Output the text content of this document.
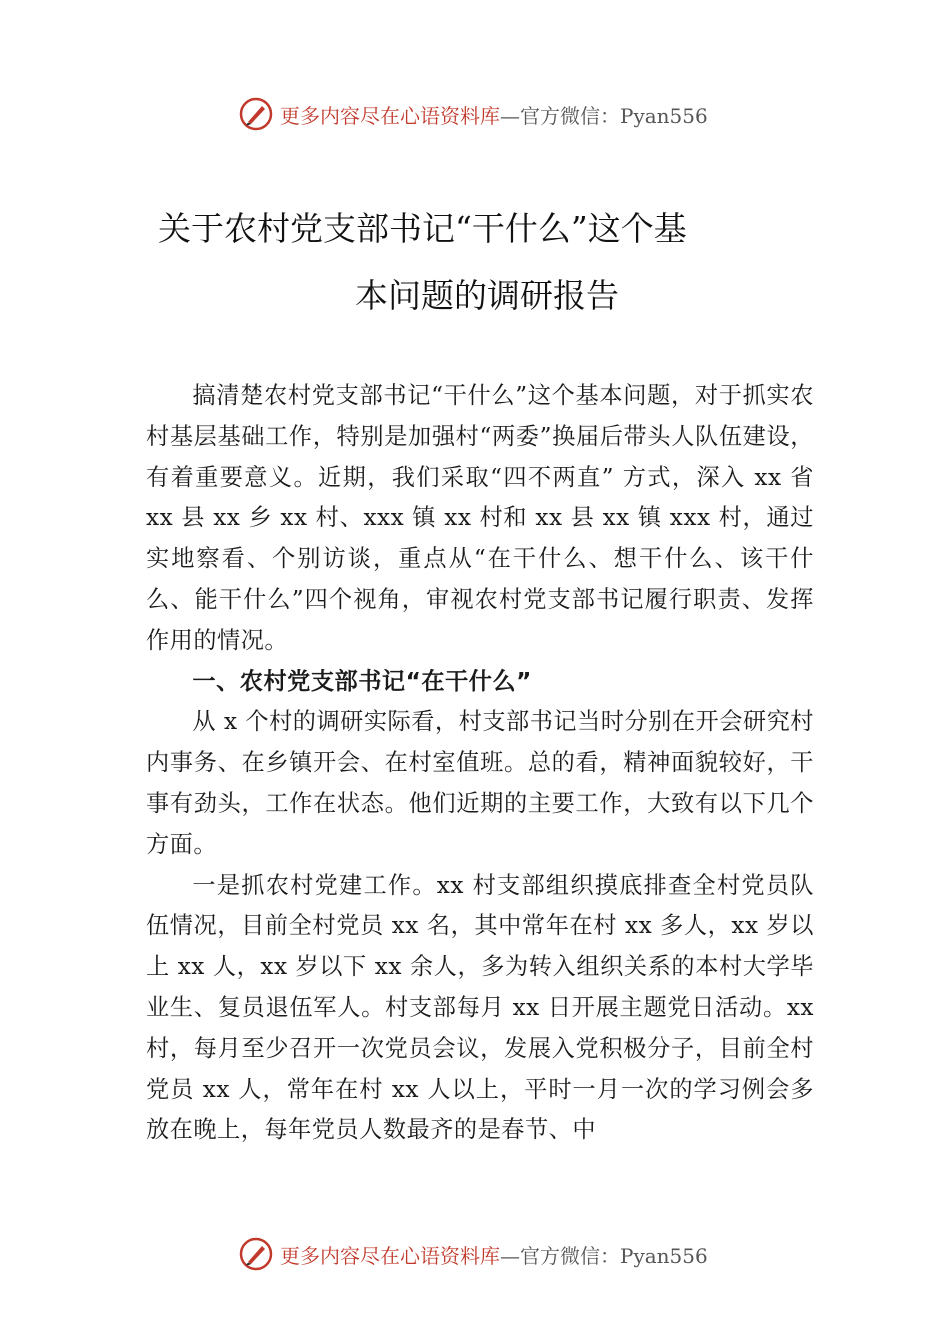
更多内容尽在心语资料库—官方微信：Pyan556
关于农村党支部书记“干什么”这个基
本问题的调研报告

搞清楚农村党支部书记“干什么”这个基本问题，对于抓实农村基层基础工作，特别是加强村“两委”换届后带头人队伍建设，有着重要意义。近期，我们采取“四不两直” 方式，深入 xx 省 xx 县 xx 乡 xx 村、xxx 镇 xx 村和 xx 县 xx 镇 xxx 村，通过实地察看、个别访谈，重点从“在干什么、想干什么、该干什么、能干什么”四个视角，审视农村党支部书记履行职责、发挥作用的情况。

一、农村党支部书记“在干什么”

从 x 个村的调研实际看，村支部书记当时分别在开会研究村内事务、在乡镇开会、在村室值班。总的看，精神面貌较好，干事有劲头，工作在状态。他们近期的主要工作，大致有以下几个方面。

一是抓农村党建工作。xx 村支部组织摸底排查全村党员队伍情况，目前全村党员 xx 名，其中常年在村 xx 多人，xx 岁以上 xx 人，xx 岁以下 xx 余人，多为转入组织关系的本村大学毕业生、复员退伍军人。村支部每月 xx 日开展主题党日活动。xx 村，每月至少召开一次党员会议，发展入党积极分子，目前全村党员 xx 人，常年在村 xx 人以上，平时一月一次的学习例会多放在晚上，每年党员人数最齐的是春节、中

更多内容尽在心语资料库—官方微信：Pyan556
